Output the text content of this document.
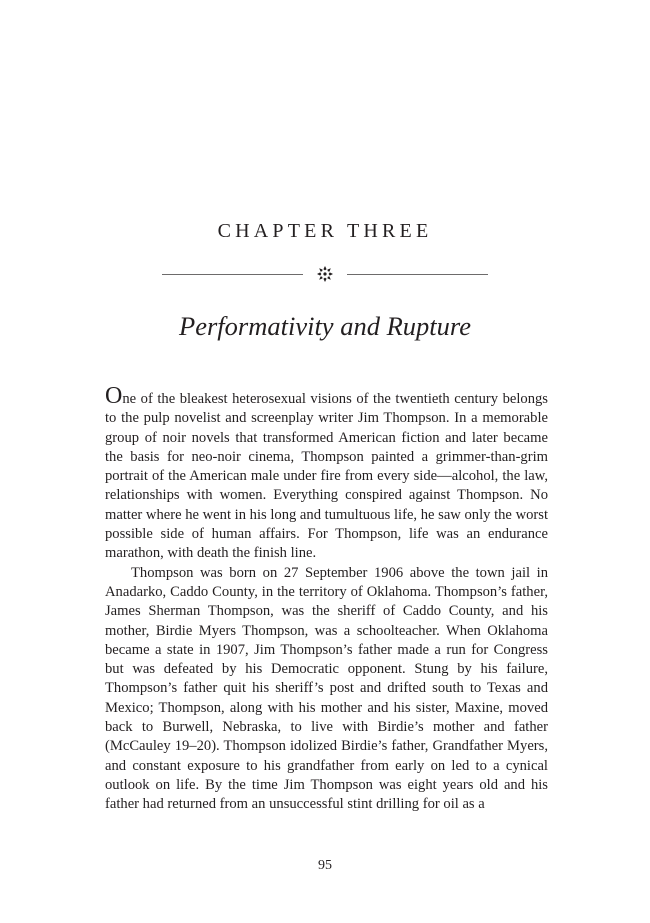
CHAPTER THREE
Performativity and Rupture

One of the bleakest heterosexual visions of the twentieth century belongs to the pulp novelist and screenplay writer Jim Thompson. In a memorable group of noir novels that transformed American fiction and later became the basis for neo-noir cinema, Thompson painted a grimmer-than-grim portrait of the American male under fire from every side—alcohol, the law, relationships with women. Everything conspired against Thompson. No matter where he went in his long and tumultuous life, he saw only the worst possible side of human affairs. For Thompson, life was an endurance marathon, with death the finish line.

Thompson was born on 27 September 1906 above the town jail in Anadarko, Caddo County, in the territory of Oklahoma. Thompson’s father, James Sherman Thompson, was the sheriff of Caddo County, and his mother, Birdie Myers Thompson, was a schoolteacher. When Oklahoma became a state in 1907, Jim Thompson’s father made a run for Congress but was defeated by his Democratic opponent. Stung by his failure, Thompson’s father quit his sheriff’s post and drifted south to Texas and Mexico; Thompson, along with his mother and his sister, Maxine, moved back to Burwell, Nebraska, to live with Birdie’s mother and father (McCauley 19–20). Thompson idolized Birdie’s father, Grandfather Myers, and constant exposure to his grandfather from early on led to a cynical outlook on life. By the time Jim Thompson was eight years old and his father had returned from an unsuccessful stint drilling for oil as a

95
